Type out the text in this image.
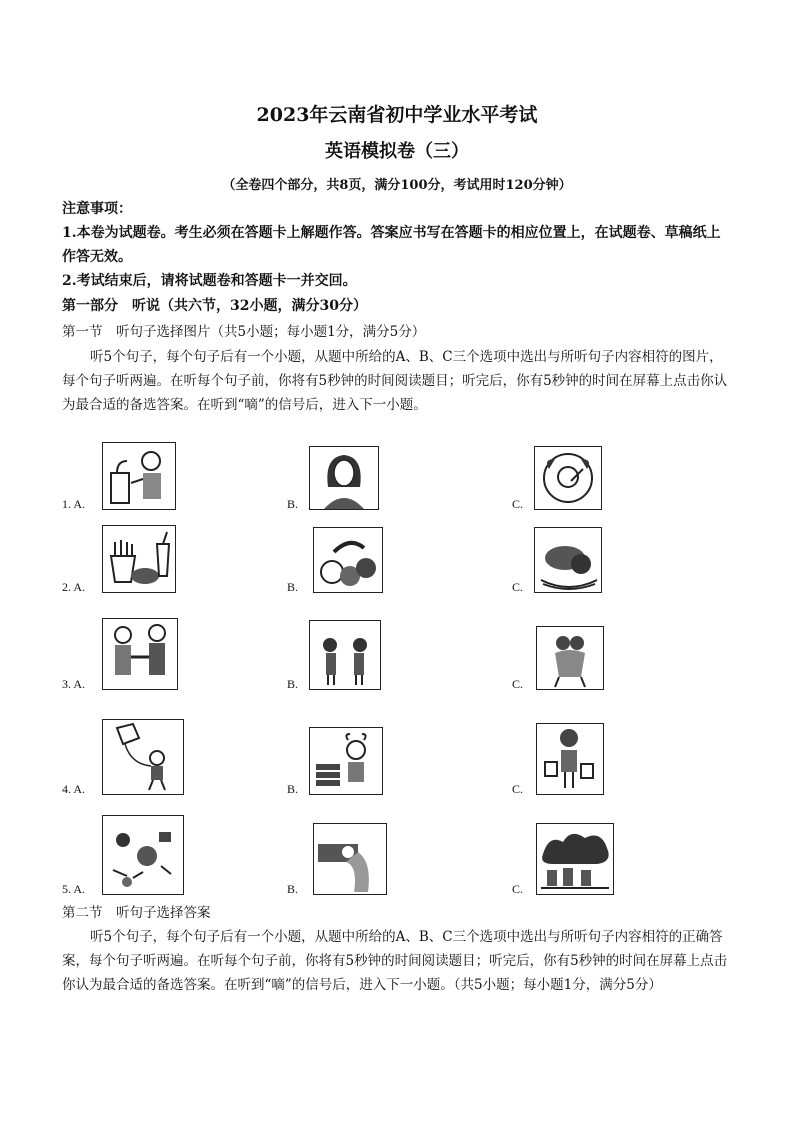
2023年云南省初中学业水平考试
英语模拟卷（三）
（全卷四个部分，共8页，满分100分，考试用时120分钟）
注意事项：
1.本卷为试题卷。考生必须在答题卡上解题作答。答案应书写在答题卡的相应位置上，在试题卷、草稿纸上作答无效。
2.考试结束后，请将试题卷和答题卡一并交回。
第一部分　听说（共六节，32小题，满分30分）
第一节　听句子选择图片（共5小题；每小题1分，满分5分）
听5个句子，每个句子后有一个小题，从题中所给的A、B、C三个选项中选出与所听句子内容相符的图片，每个句子听两遍。在听每个句子前，你将有5秒钟的时间阅读题目；听完后，你有5秒钟的时间在屏幕上点击你认为最合适的备选答案。在听到“嘀”的信号后，进入下一小题。
1. A.	B.	C.
2. A.	B.	C.
3. A.	B.	C.
4. A.	B.	C.
5. A.	B.	C.
第二节　听句子选择答案
听5个句子，每个句子后有一个小题，从题中所给的A、B、C三个选项中选出与所听句子内容相符的正确答案，每个句子听两遍。在听每个句子前，你将有5秒钟的时间阅读题目；听完后，你有5秒钟的时间在屏幕上点击你认为最合适的备选答案。在听到“嘀”的信号后，进入下一小题。（共5小题；每小题1分，满分5分）
